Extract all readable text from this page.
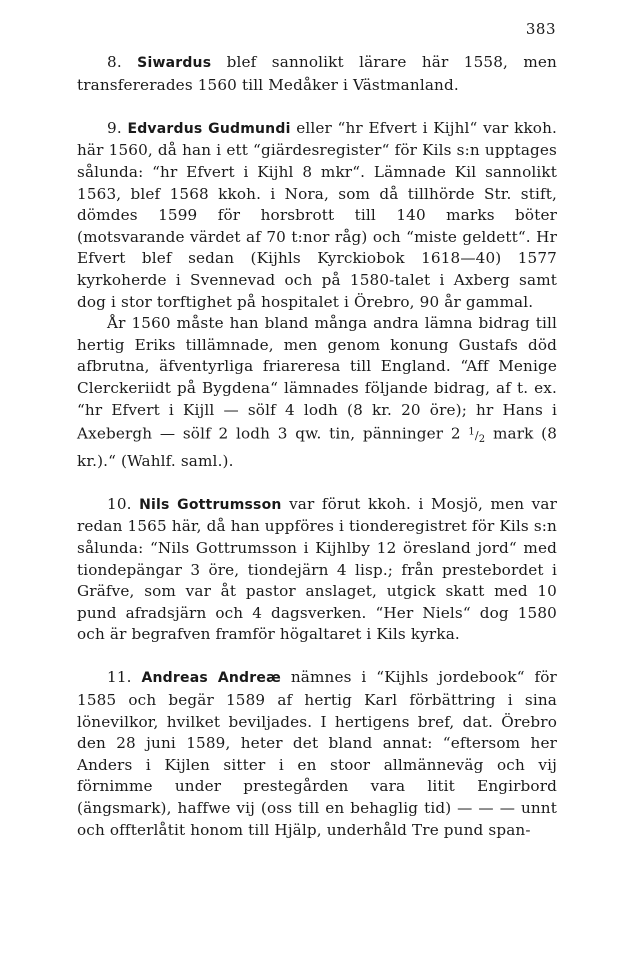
383

8. Siwardus blef sannolikt lärare här 1558, men transfererades 1560 till Medåker i Västmanland.

9. Edvardus Gudmundi eller “hr Efvert i Kijhl“ var kkoh. här 1560, då han i ett “giärdesregister“ för Kils s:n upptages sålunda: “hr Efvert i Kijhl 8 mkr“. Lämnade Kil sannolikt 1563, blef 1568 kkoh. i Nora, som då tillhörde Str. stift, dömdes 1599 för horsbrott till 140 marks böter (motsvarande värdet af 70 t:nor råg) och “miste geldett“. Hr Efvert blef sedan (Kijhls Kyrckiobok 1618—40) 1577 kyrkoherde i Svennevad och på 1580-talet i Axberg samt dog i stor torftighet på hospitalet i Örebro, 90 år gammal.

År 1560 måste han bland många andra lämna bidrag till hertig Eriks tillämnade, men genom konung Gustafs död afbrutna, äfventyrliga friareresa till England. “Aff Menige Clerckeriidt på Bygdena“ lämnades följande bidrag, af t. ex. “hr Efvert i Kijll — sölf 4 lodh (8 kr. 20 öre); hr Hans i Axebergh — sölf 2 lodh 3 qw. tin, pänninger 2 1/2 mark (8 kr.).“ (Wahlf. saml.).

10. Nils Gottrumsson var förut kkoh. i Mosjö, men var redan 1565 här, då han uppföres i tionderegistret för Kils s:n sålunda: “Nils Gottrumsson i Kijhlby 12 öresland jord“ med tiondepängar 3 öre, tiondejärn 4 lisp.; från prestebordet i Gräfve, som var åt pastor anslaget, utgick skatt med 10 pund afradsjärn och 4 dagsverken. “Her Niels“ dog 1580 och är begrafven framför högaltaret i Kils kyrka.

11. Andreas Andreæ nämnes i “Kijhls jordebook“ för 1585 och begär 1589 af hertig Karl förbättring i sina lönevilkor, hvilket beviljades. I hertigens bref, dat. Örebro den 28 juni 1589, heter det bland annat: “eftersom her Anders i Kijlen sitter i en stoor allmänneväg och vij förnimme under prestegården vara litit Engirbord (ängsmark), haffwe vij (oss till en behaglig tid) — — — unnt och offterlåtit honom till Hjälp, underhåld Tre pund span-
